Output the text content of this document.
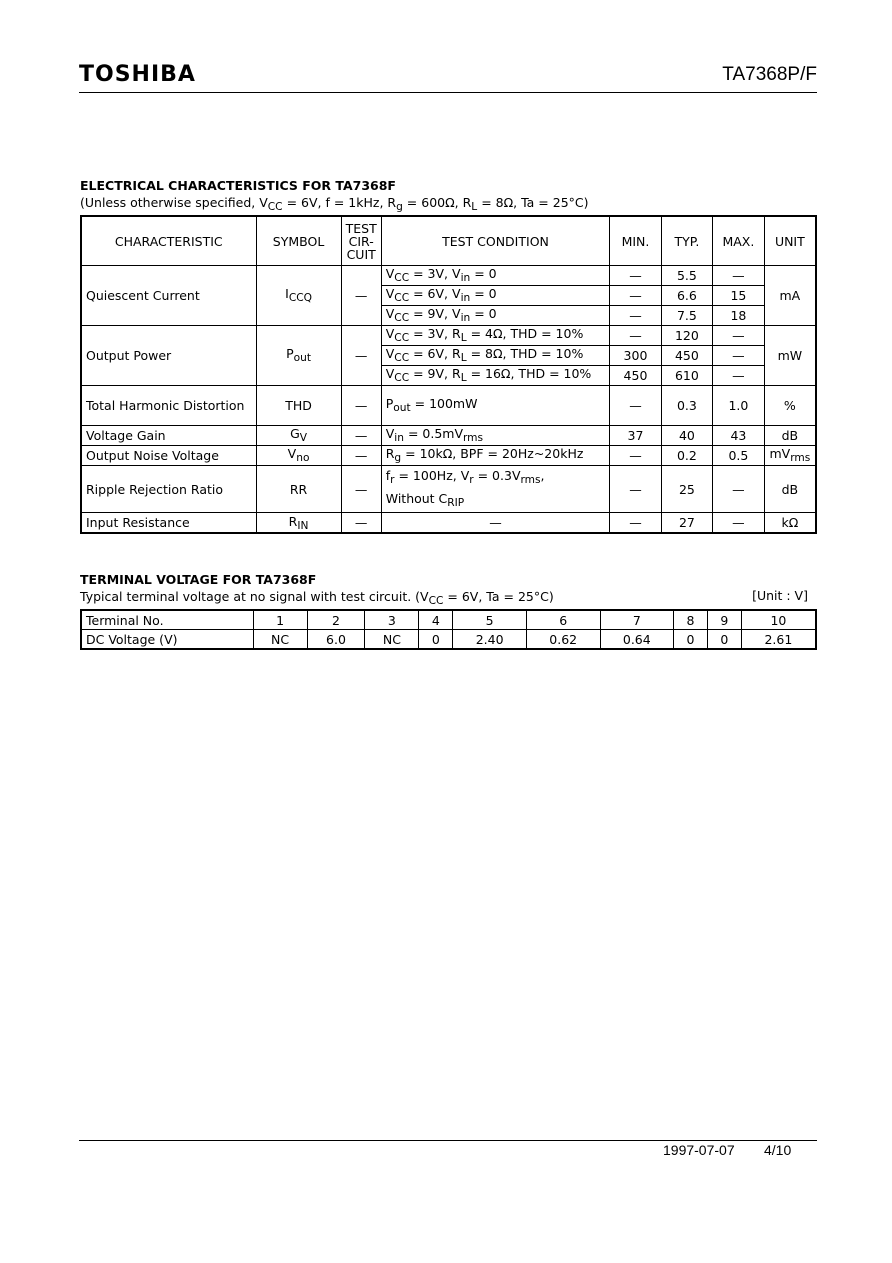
TOSHIBA	TA7368P/F
ELECTRICAL CHARACTERISTICS FOR TA7368F
(Unless otherwise specified, $V_{CC} = 6V$, f = 1kHz, $R_g = 600\Omega$, $R_L = 8\Omega$, Ta = 25°C)
CHARACTERISTIC	SYMBOL	TEST
CIR-
CUIT	TEST CONDITION	MIN.	TYP.	MAX.	UNIT
Quiescent Current	$I_{CCQ}$	—	$V_{CC} = 3V$, $V_{in} = 0$	—	5.5	—	mA
			$V_{CC} = 6V$, $V_{in} = 0$	—	6.6	15	
			$V_{CC} = 9V$, $V_{in} = 0$	—	7.5	18	
Output Power	$P_{out}$	—	$V_{CC} = 3V$, $R_L = 4\Omega$, THD = 10%	—	120	—	mW
			$V_{CC} = 6V$, $R_L = 8\Omega$, THD = 10%	300	450	—	
			$V_{CC} = 9V$, $R_L = 16\Omega$, THD = 10%	450	610	—	
Total Harmonic Distortion	THD	—	$P_{out} = 100mW$	—	0.3	1.0	%
Voltage Gain	$G_V$	—	$V_{in} = 0.5mV_{rms}$	37	40	43	dB
Output Noise Voltage	$V_{no}$	—	$R_g = 10k\Omega$, BPF = 20Hz~20kHz	—	0.2	0.5	$mV_{rms}$
Ripple Rejection Ratio	RR	—	$f_r = 100Hz$, $V_r = 0.3V_{rms}$,
Without $C_{RIP}$	—	25	—	dB
Input Resistance	$R_{IN}$	—	—	—	27	—	kΩ
TERMINAL VOLTAGE FOR TA7368F
Typical terminal voltage at no signal with test circuit. ($V_{CC} = 6V$, Ta = 25°C)	[Unit : V]
Terminal No.	1	2	3	4	5	6	7	8	9	10
DC Voltage (V)	NC	6.0	NC	0	2.40	0.62	0.64	0	0	2.61
1997-07-07 4/10
